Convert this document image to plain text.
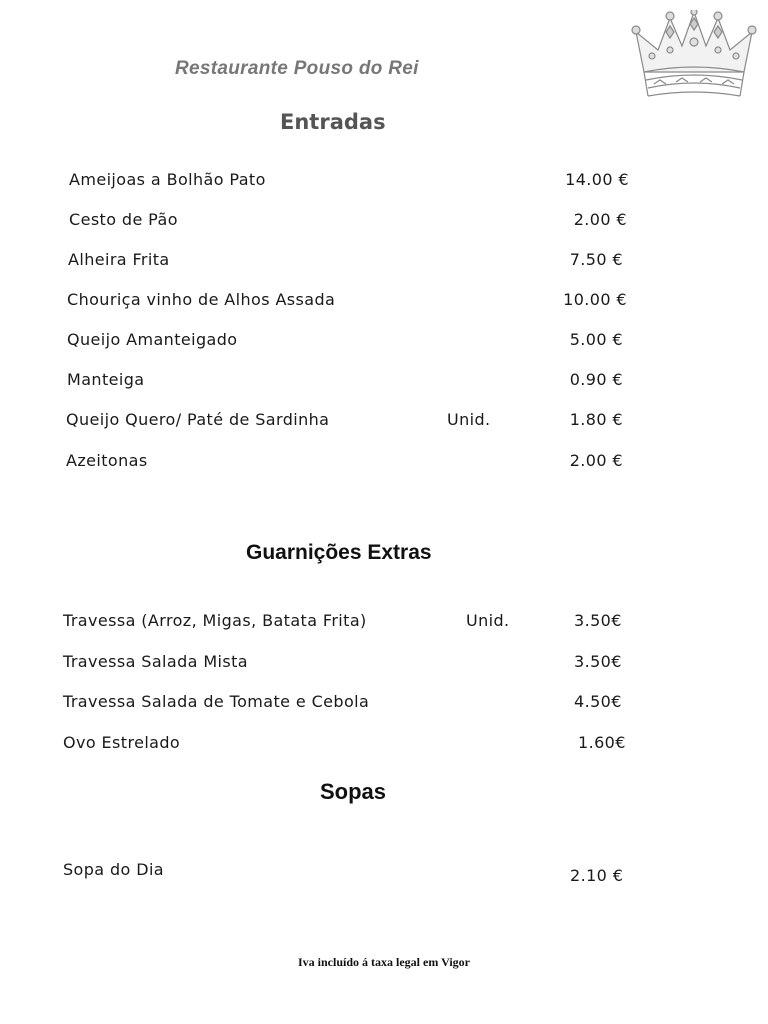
Restaurante Pouso do Rei
Entradas
Ameijoas a Bolhão Pato	14.00 €
Cesto de Pão	2.00 €
Alheira Frita	7.50 €
Chouriça vinho de Alhos Assada	10.00 €
Queijo Amanteigado	5.00 €
Manteiga	0.90 €
Queijo Quero/ Paté de Sardinha	Unid.	1.80 €
Azeitonas	2.00 €
Guarnições Extras
Travessa (Arroz, Migas, Batata Frita)	Unid.	3.50€
Travessa Salada Mista	3.50€
Travessa Salada de Tomate e Cebola	4.50€
Ovo Estrelado	1.60€
Sopas
Sopa do Dia	2.10 €
Iva incluído á taxa legal em Vigor
